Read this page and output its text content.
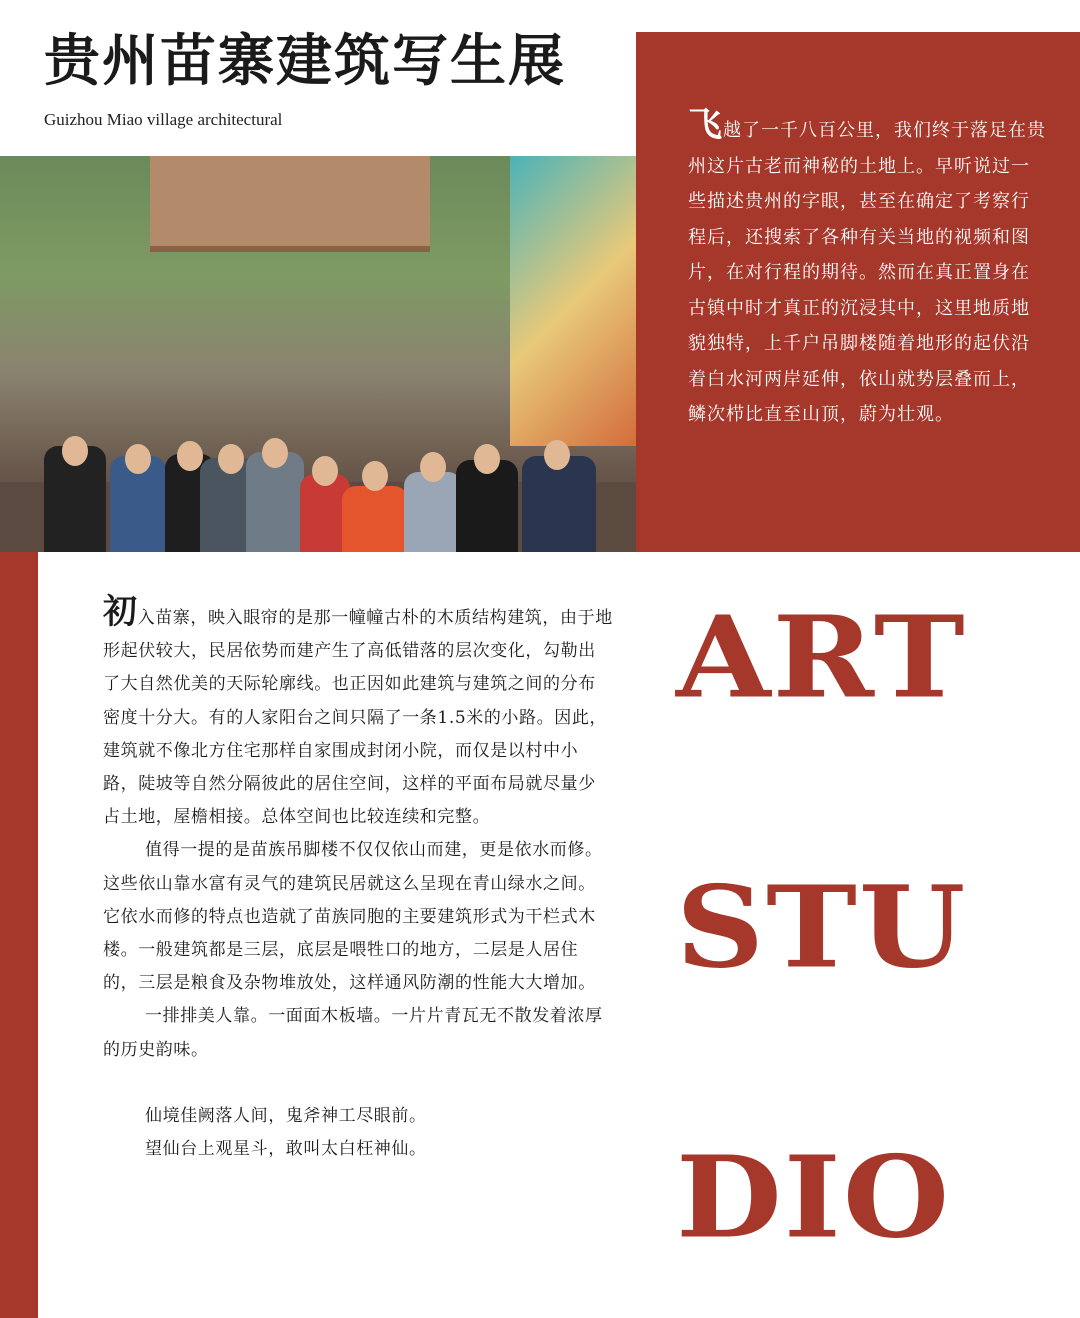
贵州苗寨建筑写生展
Guizhou Miao village architectural	飞越了一千八百公里，我们终于落足在贵州这片古老而神秘的土地上。早听说过一些描述贵州的字眼，甚至在确定了考察行程后，还搜索了各种有关当地的视频和图片，在对行程的期待。然而在真正置身在古镇中时才真正的沉浸其中，这里地质地貌独特，上千户吊脚楼随着地形的起伏沿着白水河两岸延伸，依山就势层叠而上，鳞次栉比直至山顶，蔚为壮观。

初入苗寨，映入眼帘的是那一幢幢古朴的木质结构建筑，由于地形起伏较大，民居依势而建产生了高低错落的层次变化，勾勒出了大自然优美的天际轮廓线。也正因如此建筑与建筑之间的分布密度十分大。有的人家阳台之间只隔了一条1.5米的小路。因此，建筑就不像北方住宅那样自家围成封闭小院，而仅是以村中小路，陡坡等自然分隔彼此的居住空间，这样的平面布局就尽量少占土地，屋檐相接。总体空间也比较连续和完整。

值得一提的是苗族吊脚楼不仅仅依山而建，更是依水而修。这些依山靠水富有灵气的建筑民居就这么呈现在青山绿水之间。它依水而修的特点也造就了苗族同胞的主要建筑形式为干栏式木楼。一般建筑都是三层，底层是喂牲口的地方，二层是人居住的，三层是粮食及杂物堆放处，这样通风防潮的性能大大增加。

一排排美人靠。一面面木板墙。一片片青瓦无不散发着浓厚的历史韵味。

仙境佳阙落人间，鬼斧神工尽眼前。

望仙台上观星斗，敢叫太白枉神仙。

ART
STU
DIO
